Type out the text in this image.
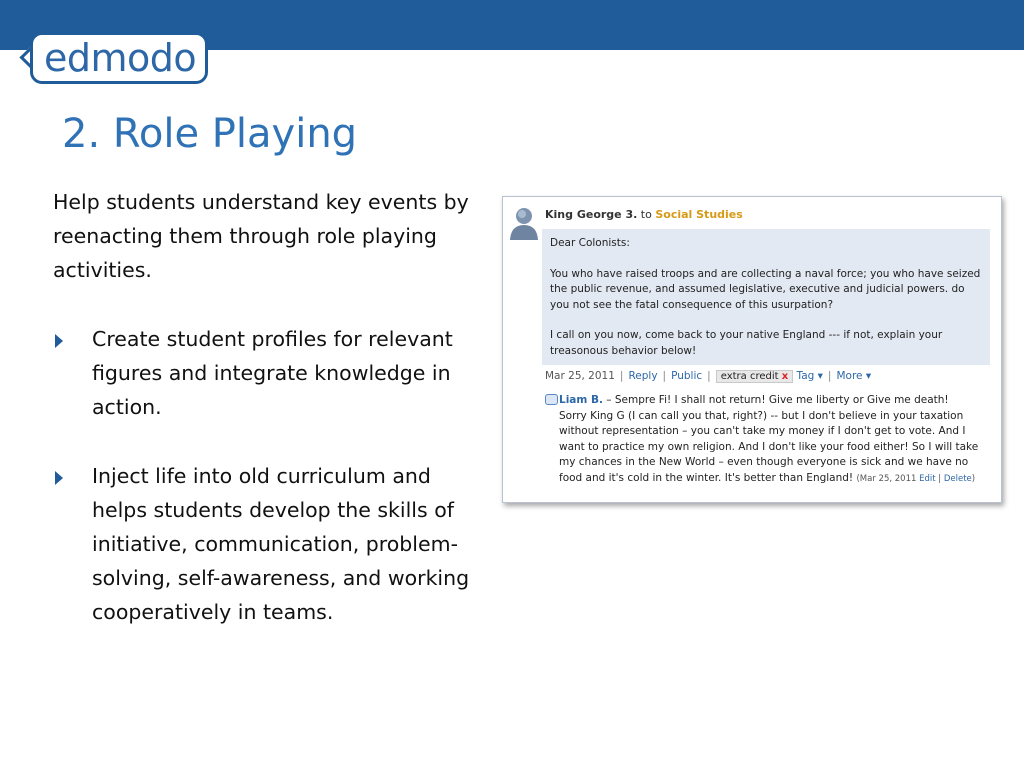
edmodo
2. Role Playing
Help students understand key events by reenacting them through role playing activities.
Create student profiles for relevant figures and integrate knowledge in action.
Inject life into old curriculum and helps students develop the skills of initiative, communication, problem-solving, self-awareness, and working cooperatively in teams.
King George 3. to Social Studies

Dear Colonists:

You who have raised troops and are collecting a naval force; you who have seized the public revenue, and assumed legislative, executive and judicial powers. do you not see the fatal consequence of this usurpation?

I call on you now, come back to your native England --- if not, explain your treasonous behavior below!

Mar 25, 2011 | Reply | Public | extra credit x Tag ▾ | More ▾
Liam B. – Sempre Fi! I shall not return! Give me liberty or Give me death! Sorry King G (I can call you that, right?) -- but I don't believe in your taxation without representation – you can't take my money if I don't get to vote. And I want to practice my own religion. And I don't like your food either! So I will take my chances in the New World – even though everyone is sick and we have no food and it's cold in the winter. It's better than England! (Mar 25, 2011 Edit | Delete)
